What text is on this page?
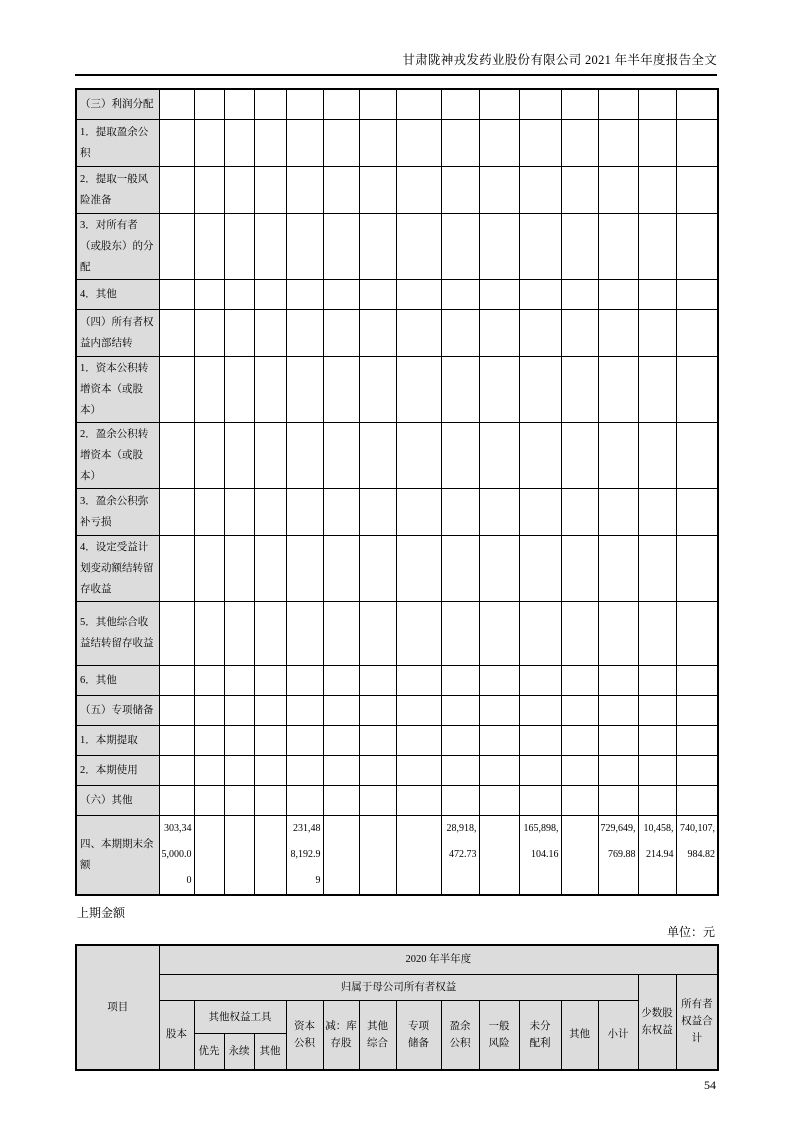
甘肃陇神戎发药业股份有限公司 2021 年半年度报告全文
（三）利润分配															
1．提取盈余公积															
2．提取一般风险准备															
3．对所有者（或股东）的分配															
4．其他															
（四）所有者权益内部结转															
1．资本公积转增资本（或股本）															
2．盈余公积转增资本（或股本）															
3．盈余公积弥补亏损															
4．设定受益计划变动额结转留存收益															
5．其他综合收益结转留存收益															
6．其他															
（五）专项储备															
1．本期提取															
2．本期使用															
（六）其他															
四、本期期末余额	303,345,000.00				231,488,192.99				28,918,472.73		165,898,104.16		729,649,769.88	10,458,214.94	740,107,984.82
上期金额
单位：元
项目	2020 年半年度														
	归属于母公司所有者权益													少数股东权益	所有者权益合计
	股本	其他权益工具			资本公积	减：库存股	其他综合	专项储备	盈余公积	一般风险	未分配利	其他	小计		
		优先	永续	其他											
54
